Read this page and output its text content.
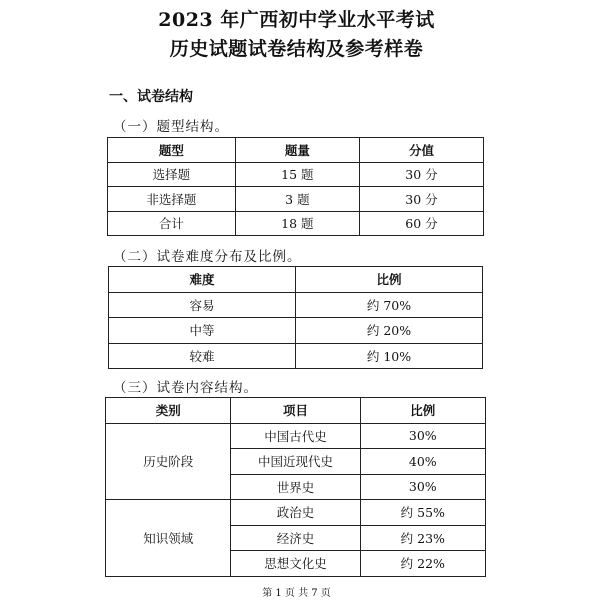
2023 年广西初中学业水平考试
历史试题试卷结构及参考样卷
一、试卷结构
（一）题型结构。
题型	题量	分值
选择题	15 题	30 分
非选择题	3 题	30 分
合计	18 题	60 分
（二）试卷难度分布及比例。
难度	比例
容易	约 70%
中等	约 20%
较难	约 10%
（三）试卷内容结构。
类别	项目	比例
历史阶段	中国古代史	30%
	中国近现代史	40%
	世界史	30%
知识领域	政治史	约 55%
	经济史	约 23%
	思想文化史	约 22%
第 1 页 共 7 页
